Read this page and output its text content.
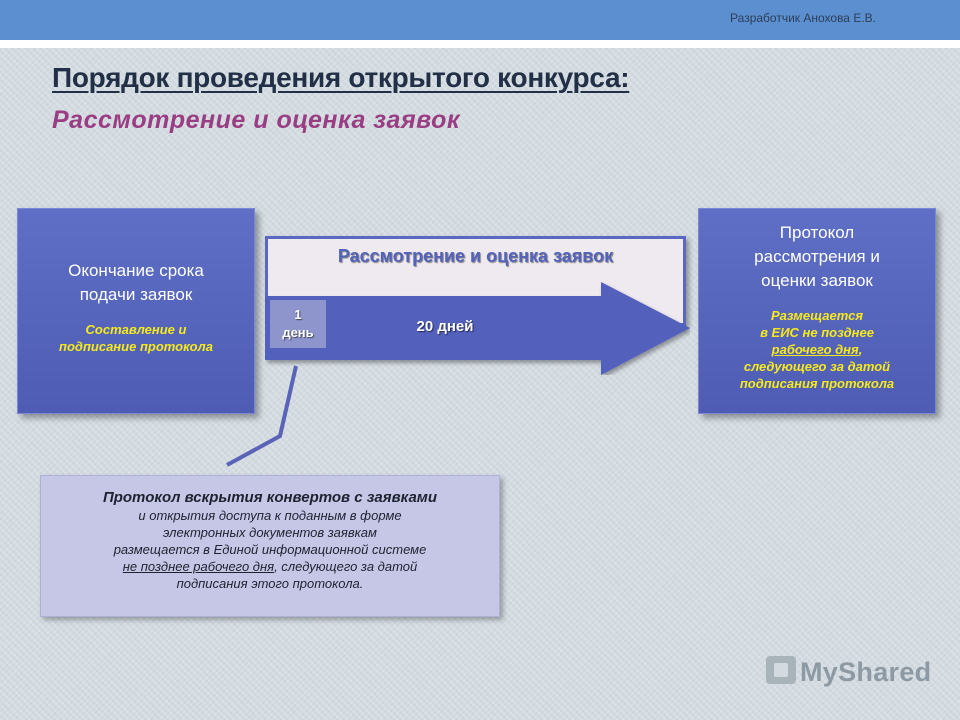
Разработчик Анохова Е.В.
Порядок проведения открытого конкурса:
Рассмотрение и оценка заявок
Окончание срока
подачи заявок
Составление и
подписание протокола
Рассмотрение и оценка заявок
1
день	20 дней
Протокол
рассмотрения и
оценки заявок
Размещается
в ЕИС не позднее
рабочего дня,
следующего за датой
подписания протокола
Протокол вскрытия конвертов с заявками
и открытия доступа к поданным в форме
электронных документов заявкам
размещается в Единой информационной системе
не позднее рабочего дня, следующего за датой
подписания этого протокола.
MyShared
